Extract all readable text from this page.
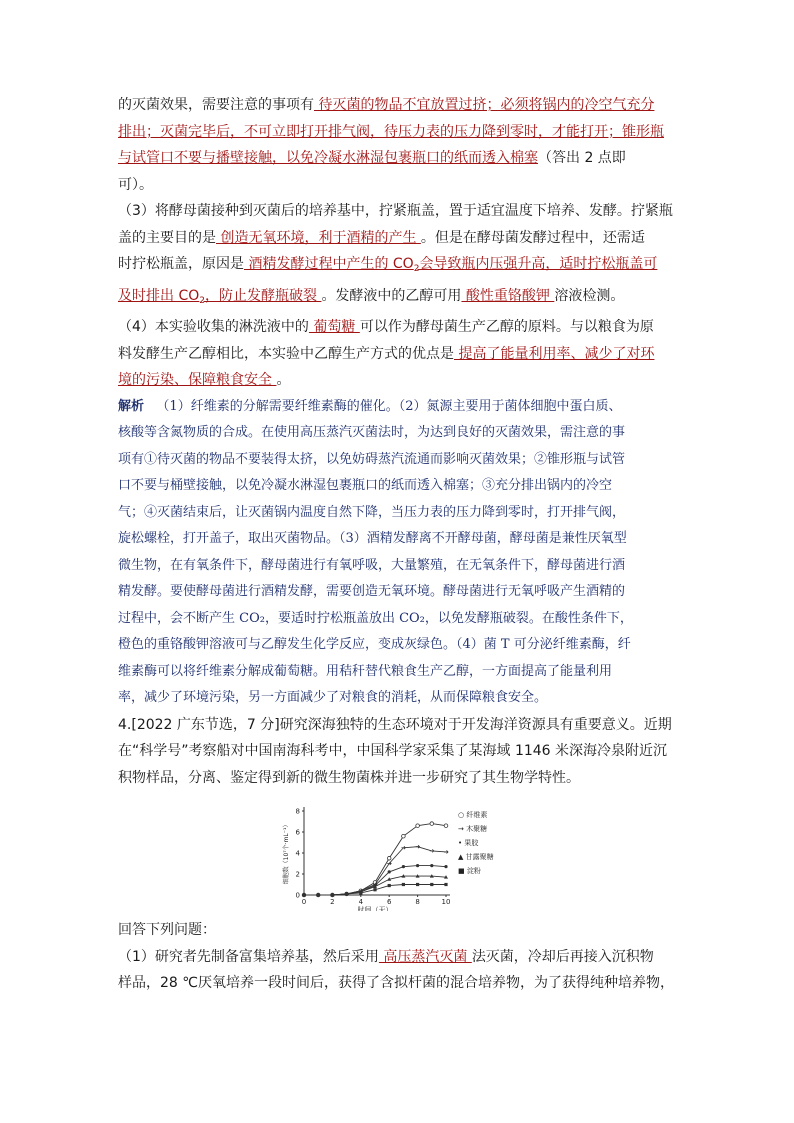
的灭菌效果，需要注意的事项有 待灭菌的物品不宜放置过挤；必须将锅内的冷空气充分

排出；灭菌完毕后，不可立即打开排气阀，待压力表的压力降到零时，才能打开；锥形瓶

与试管口不要与播壁接触，以免冷凝水淋湿包裹瓶口的纸而透入棉塞（答出 2 点即

可）。

（3）将酵母菌接种到灭菌后的培养基中，拧紧瓶盖，置于适宜温度下培养、发酵。拧紧瓶

盖的主要目的是 创造无氧环境，利于酒精的产生 。但是在酵母菌发酵过程中，还需适

时拧松瓶盖，原因是 酒精发酵过程中产生的 $CO_2$会导致瓶内压强升高，适时拧松瓶盖可

及时排出 $CO_2$，防止发酵瓶破裂 。发酵液中的乙醇可用 酸性重铬酸钾 溶液检测。

（4）本实验收集的淋洗液中的 葡萄糖 可以作为酵母菌生产乙醇的原料。与以粮食为原

料发酵生产乙醇相比，本实验中乙醇生产方式的优点是 提高了能量利用率、减少了对环

境的污染、保障粮食安全 。

解析 （1）纤维素的分解需要纤维素酶的催化。（2）氮源主要用于菌体细胞中蛋白质、

核酸等含氮物质的合成。在使用高压蒸汽灭菌法时，为达到良好的灭菌效果，需注意的事

项有①待灭菌的物品不要装得太挤，以免妨碍蒸汽流通而影响灭菌效果；②锥形瓶与试管

口不要与桶壁接触，以免冷凝水淋湿包裹瓶口的纸而透入棉塞；③充分排出锅内的冷空

气；④灭菌结束后，让灭菌锅内温度自然下降，当压力表的压力降到零时，打开排气阀，

旋松螺栓，打开盖子，取出灭菌物品。（3）酒精发酵离不开酵母菌，酵母菌是兼性厌氧型

微生物，在有氧条件下，酵母菌进行有氧呼吸，大量繁殖，在无氧条件下，酵母菌进行酒

精发酵。要使酵母菌进行酒精发酵，需要创造无氧环境。酵母菌进行无氧呼吸产生酒精的

过程中，会不断产生 CO₂，要适时拧松瓶盖放出 CO₂，以免发酵瓶破裂。在酸性条件下，

橙色的重铬酸钾溶液可与乙醇发生化学反应，变成灰绿色。（4）菌 T 可分泌纤维素酶，纤

维素酶可以将纤维素分解成葡萄糖。用秸秆替代粮食生产乙醇，一方面提高了能量利用

率，减少了环境污染，另一方面减少了对粮食的消耗，从而保障粮食安全。

4.[2022 广东节选，7 分]研究深海独特的生态环境对于开发海洋资源具有重要意义。近期

在“科学号”考察船对中国南海科考中，中国科学家采集了某海域 1146 米深海冷泉附近沉

积物样品，分离、鉴定得到新的微生物菌株并进一步研究了其生物学特性。

0	2	4	6	8	10
0
2
4
6
8
时间（天）
细胞数（10⁷个·mL⁻¹）
○ 纤维素
→ 木聚糖
• 果胶
▲ 甘露聚糖
■ 淀粉

回答下列问题：

（1）研究者先制备富集培养基，然后采用 高压蒸汽灭菌 法灭菌，冷却后再接入沉积物

样品，28 ℃厌氧培养一段时间后，获得了含拟杆菌的混合培养物，为了获得纯种培养物，
